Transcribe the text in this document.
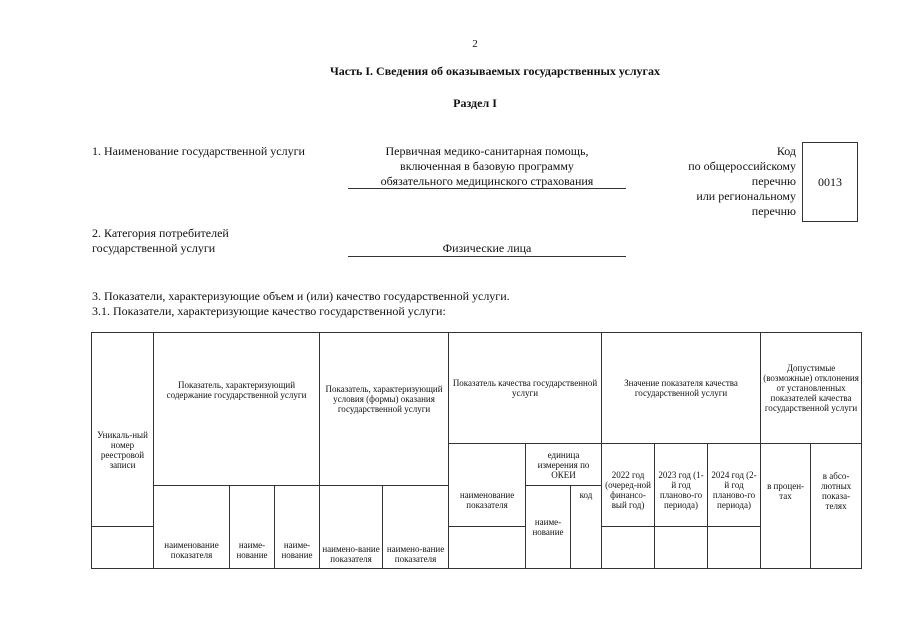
2
Часть I. Сведения об оказываемых государственных услугах
Раздел I
1. Наименование государственной услуги	Первичная медико-санитарная помощь,
включенная в базовую программу
обязательного медицинского страхования
Код
по общероссийскому
перечню
или региональному
перечню
0013
2. Категория потребителей
государственной услуги	Физические лица
3. Показатели, характеризующие объем и (или) качество государственной услуги.
3.1. Показатели, характеризующие качество государственной услуги:
Уникаль-ный номер реестровой записи	Показатель, характеризующий содержание государственной услуги			Показатель, характеризующий условия (формы) оказания государственной услуги		Показатель качества государственной услуги			Значение показателя качества государственной услуги			Допустимые (возможные) отклонения от установленных показателей качества государственной услуги	
						наименование показателя	единица измерения по ОКЕИ		2022 год (очеред-ной финансо-вый год)	2023 год (1-й год планово-го периода)	2024 год (2-й год планово-го периода)	в процен-тах	в абсо-лютных показа-телях
	наименование показателя	наиме-нование	наиме-нование	наимено-вание показателя	наимено-вание показателя		наиме-нование	код					
